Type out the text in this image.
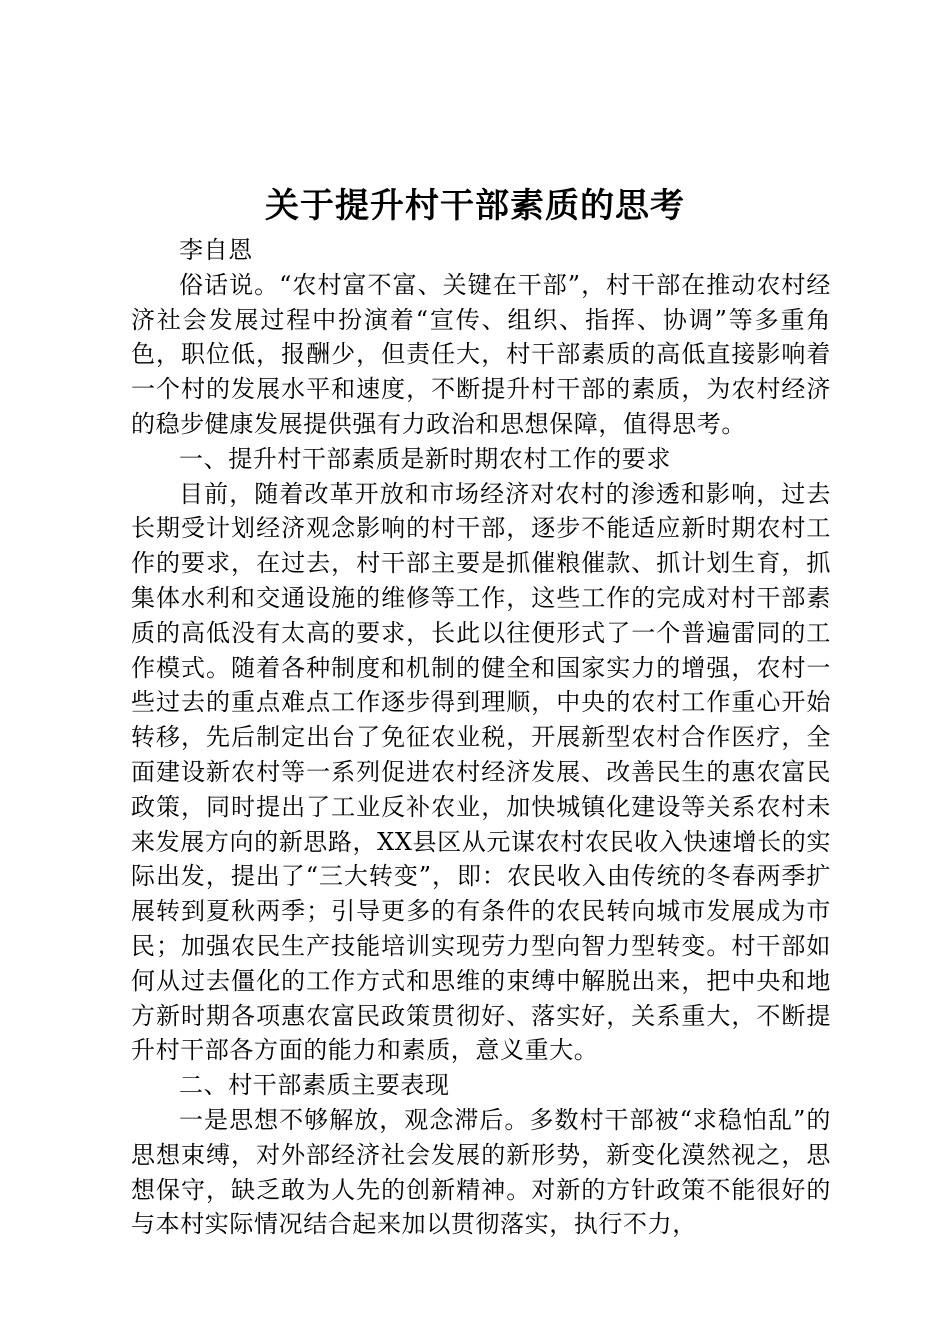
关于提升村干部素质的思考

李自恩

俗话说。“农村富不富、关键在干部”，村干部在推动农村经济社会发展过程中扮演着“宣传、组织、指挥、协调”等多重角色，职位低，报酬少，但责任大，村干部素质的高低直接影响着一个村的发展水平和速度，不断提升村干部的素质，为农村经济的稳步健康发展提供强有力政治和思想保障，值得思考。

一、提升村干部素质是新时期农村工作的要求

目前，随着改革开放和市场经济对农村的渗透和影响，过去长期受计划经济观念影响的村干部，逐步不能适应新时期农村工作的要求，在过去，村干部主要是抓催粮催款、抓计划生育，抓集体水利和交通设施的维修等工作，这些工作的完成对村干部素质的高低没有太高的要求，长此以往便形式了一个普遍雷同的工作模式。随着各种制度和机制的健全和国家实力的增强，农村一些过去的重点难点工作逐步得到理顺，中央的农村工作重心开始转移，先后制定出台了免征农业税，开展新型农村合作医疗，全面建设新农村等一系列促进农村经济发展、改善民生的惠农富民政策，同时提出了工业反补农业，加快城镇化建设等关系农村未来发展方向的新思路，XX县区从元谋农村农民收入快速增长的实际出发，提出了“三大转变”，即：农民收入由传统的冬春两季扩展转到夏秋两季；引导更多的有条件的农民转向城市发展成为市民；加强农民生产技能培训实现劳力型向智力型转变。村干部如何从过去僵化的工作方式和思维的束缚中解脱出来，把中央和地方新时期各项惠农富民政策贯彻好、落实好，关系重大，不断提升村干部各方面的能力和素质，意义重大。

二、村干部素质主要表现

一是思想不够解放，观念滞后。多数村干部被“求稳怕乱”的思想束缚，对外部经济社会发展的新形势，新变化漠然视之，思想保守，缺乏敢为人先的创新精神。对新的方针政策不能很好的与本村实际情况结合起来加以贯彻落实，执行不力，
